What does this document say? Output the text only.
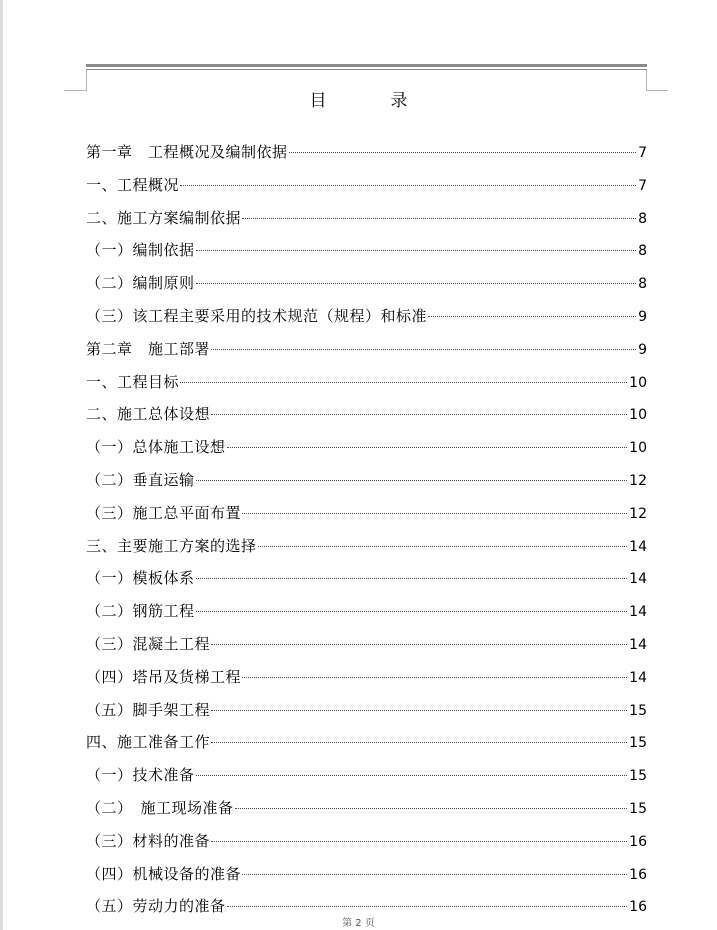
目	录
第一章　工程概况及编制依据	7
一、工程概况	7
二、施工方案编制依据	8
（一）编制依据	8
（二）编制原则	8
（三）该工程主要采用的技术规范（规程）和标准	9
第二章　施工部署	9
一、工程目标	10
二、施工总体设想	10
（一）总体施工设想	10
（二）垂直运输	12
（三）施工总平面布置	12
三、主要施工方案的选择	14
（一）模板体系	14
（二）钢筋工程	14
（三）混凝土工程	14
（四）塔吊及货梯工程	14
（五）脚手架工程	15
四、施工准备工作	15
（一）技术准备	15
（二）　施工现场准备	15
（三）材料的准备	16
（四）机械设备的准备	16
（五）劳动力的准备	16
第 2 页
